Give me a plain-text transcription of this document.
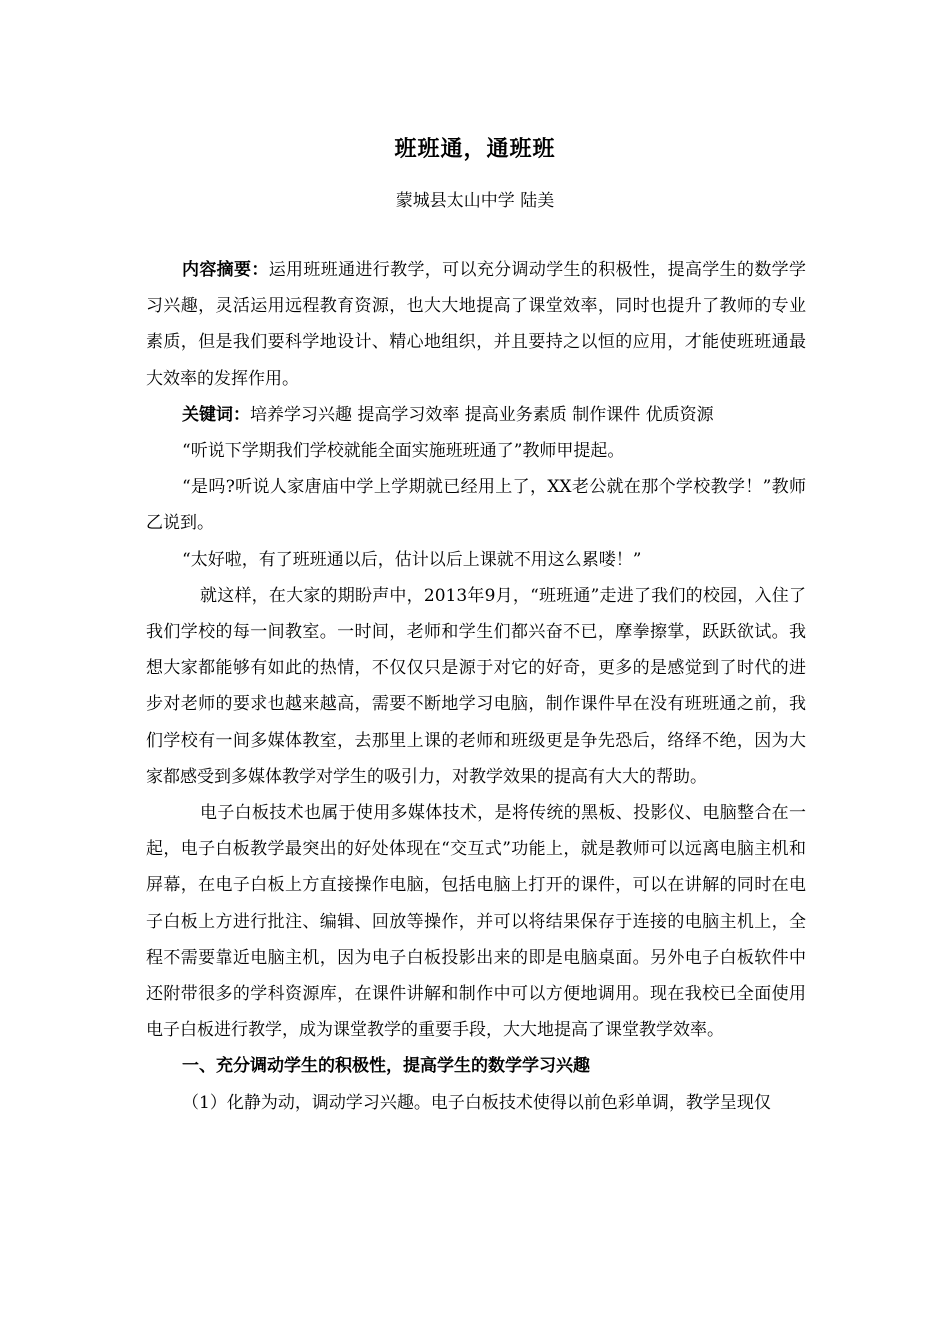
班班通，通班班
蒙城县太山中学 陆美

内容摘要：运用班班通进行教学，可以充分调动学生的积极性，提高学生的数学学习兴趣，灵活运用远程教育资源，也大大地提高了课堂效率，同时也提升了教师的专业素质，但是我们要科学地设计、精心地组织，并且要持之以恒的应用，才能使班班通最大效率的发挥作用。

关键词：培养学习兴趣 提高学习效率 提高业务素质 制作课件 优质资源

“听说下学期我们学校就能全面实施班班通了”教师甲提起。

“是吗?听说人家唐庙中学上学期就已经用上了，XX老公就在那个学校教学！”教师乙说到。

“太好啦，有了班班通以后，估计以后上课就不用这么累喽！”

就这样，在大家的期盼声中，2013年9月，“班班通”走进了我们的校园，入住了我们学校的每一间教室。一时间，老师和学生们都兴奋不已，摩拳擦掌，跃跃欲试。我想大家都能够有如此的热情，不仅仅只是源于对它的好奇，更多的是感觉到了时代的进步对老师的要求也越来越高，需要不断地学习电脑，制作课件早在没有班班通之前，我们学校有一间多媒体教室，去那里上课的老师和班级更是争先恐后，络绎不绝，因为大家都感受到多媒体教学对学生的吸引力，对教学效果的提高有大大的帮助。

电子白板技术也属于使用多媒体技术，是将传统的黑板、投影仪、电脑整合在一起，电子白板教学最突出的好处体现在“交互式”功能上，就是教师可以远离电脑主机和屏幕，在电子白板上方直接操作电脑，包括电脑上打开的课件，可以在讲解的同时在电子白板上方进行批注、编辑、回放等操作，并可以将结果保存于连接的电脑主机上，全程不需要靠近电脑主机，因为电子白板投影出来的即是电脑桌面。另外电子白板软件中还附带很多的学科资源库，在课件讲解和制作中可以方便地调用。现在我校已全面使用电子白板进行教学，成为课堂教学的重要手段，大大地提高了课堂教学效率。

一、充分调动学生的积极性，提高学生的数学学习兴趣

（1）化静为动，调动学习兴趣。电子白板技术使得以前色彩单调，教学呈现仅
